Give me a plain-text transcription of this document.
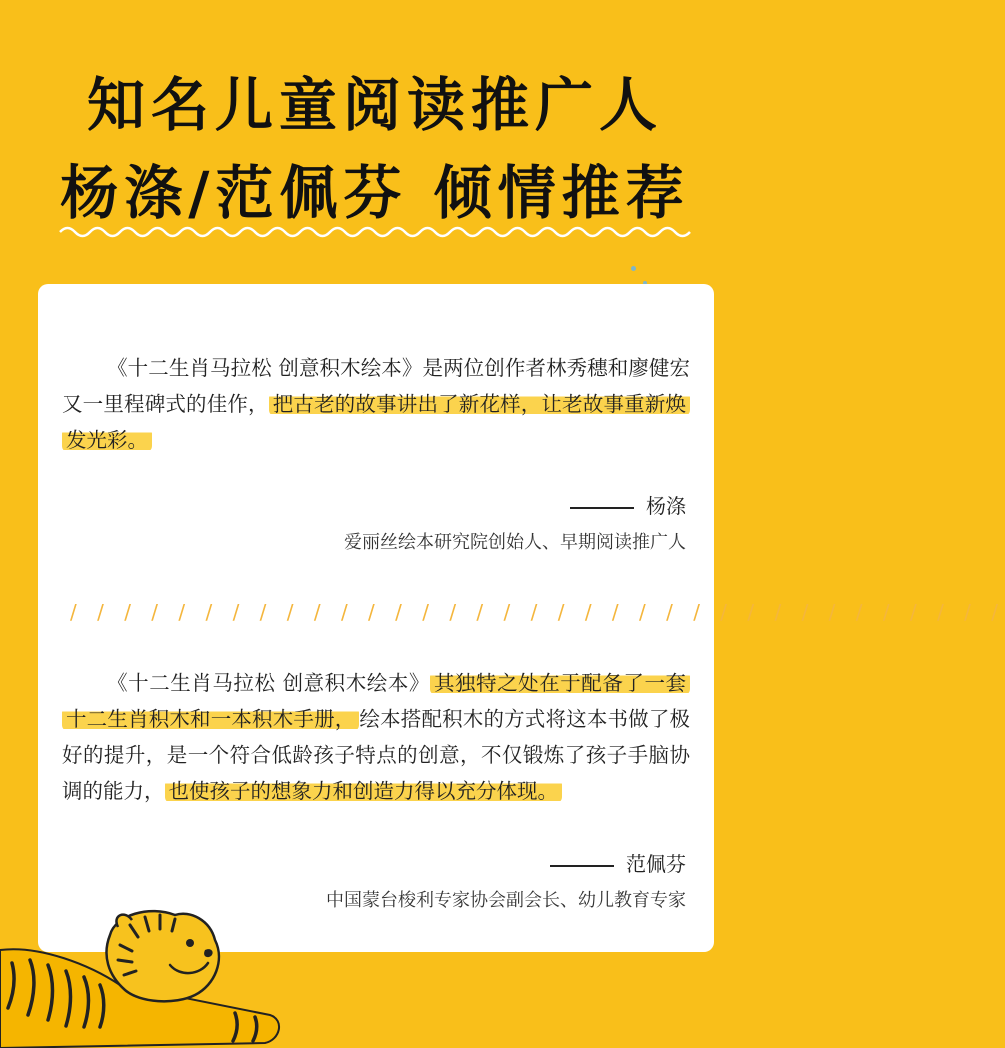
知名儿童阅读推广人
杨涤/范佩芬 倾情推荐

《十二生肖马拉松 创意积木绘本》是两位创作者林秀穗和廖健宏又一里程碑式的佳作， 把古老的故事讲出了新花样，让老故事重新焕发光彩。

杨涤

爱丽丝绘本研究院创始人、早期阅读推广人

/ / / / / / / / / / / / / / / / / / / / / / / / / / / / / / / / / / /

《十二生肖马拉松 创意积木绘本》 其独特之处在于配备了一套十二生肖积木和一本积木手册， 绘本搭配积木的方式将这本书做了极好的提升，是一个符合低龄孩子特点的创意，不仅锻炼了孩子手脑协调的能力， 也使孩子的想象力和创造力得以充分体现。

范佩芬

中国蒙台梭利专家协会副会长、幼儿教育专家
